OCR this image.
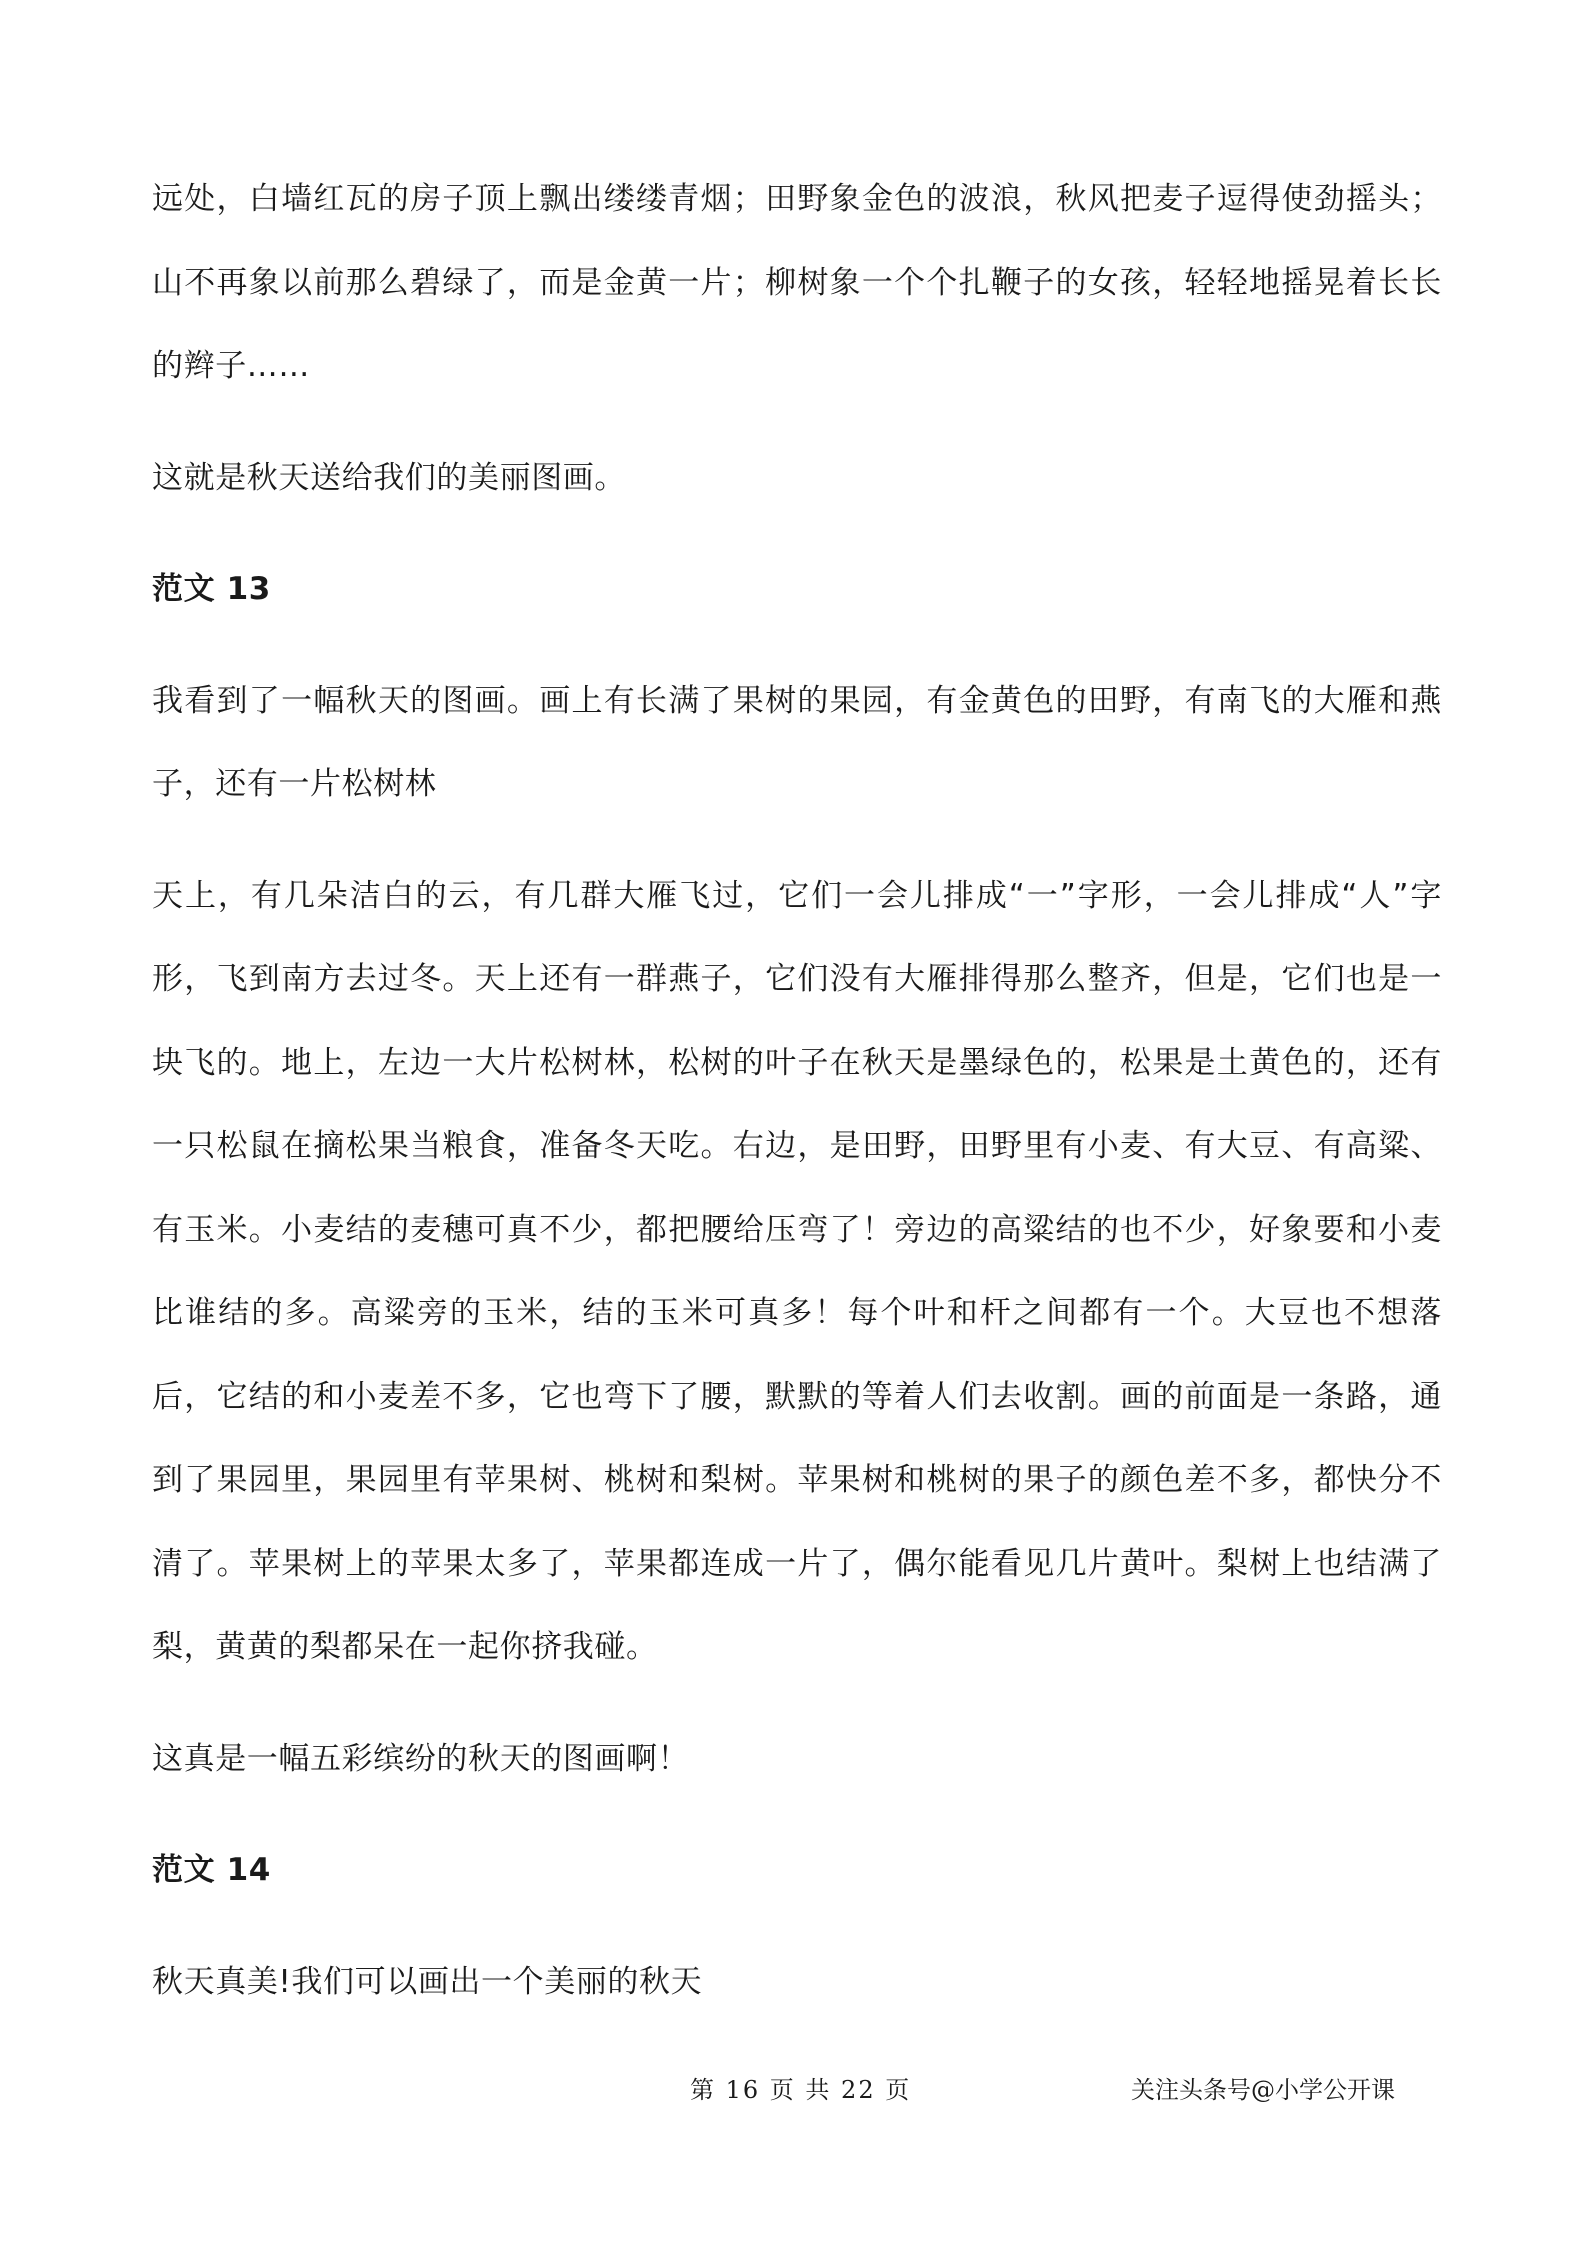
远处，白墙红瓦的房子顶上飘出缕缕青烟；田野象金色的波浪，秋风把麦子逗得使劲摇头；山不再象以前那么碧绿了，而是金黄一片；柳树象一个个扎鞭子的女孩，轻轻地摇晃着长长的辫子……

这就是秋天送给我们的美丽图画。

范文 13

我看到了一幅秋天的图画。画上有长满了果树的果园，有金黄色的田野，有南飞的大雁和燕子，还有一片松树林

天上，有几朵洁白的云，有几群大雁飞过，它们一会儿排成“一”字形，一会儿排成“人”字形，飞到南方去过冬。天上还有一群燕子，它们没有大雁排得那么整齐，但是，它们也是一块飞的。地上，左边一大片松树林，松树的叶子在秋天是墨绿色的，松果是土黄色的，还有一只松鼠在摘松果当粮食，准备冬天吃。右边，是田野，田野里有小麦、有大豆、有高粱、有玉米。小麦结的麦穗可真不少，都把腰给压弯了！旁边的高粱结的也不少，好象要和小麦比谁结的多。高粱旁的玉米，结的玉米可真多！每个叶和杆之间都有一个。大豆也不想落后，它结的和小麦差不多，它也弯下了腰，默默的等着人们去收割。画的前面是一条路，通到了果园里，果园里有苹果树、桃树和梨树。苹果树和桃树的果子的颜色差不多，都快分不清了。苹果树上的苹果太多了，苹果都连成一片了，偶尔能看见几片黄叶。梨树上也结满了梨，黄黄的梨都呆在一起你挤我碰。

这真是一幅五彩缤纷的秋天的图画啊！

范文 14

秋天真美!我们可以画出一个美丽的秋天

第 16 页 共 22 页	关注头条号@小学公开课
